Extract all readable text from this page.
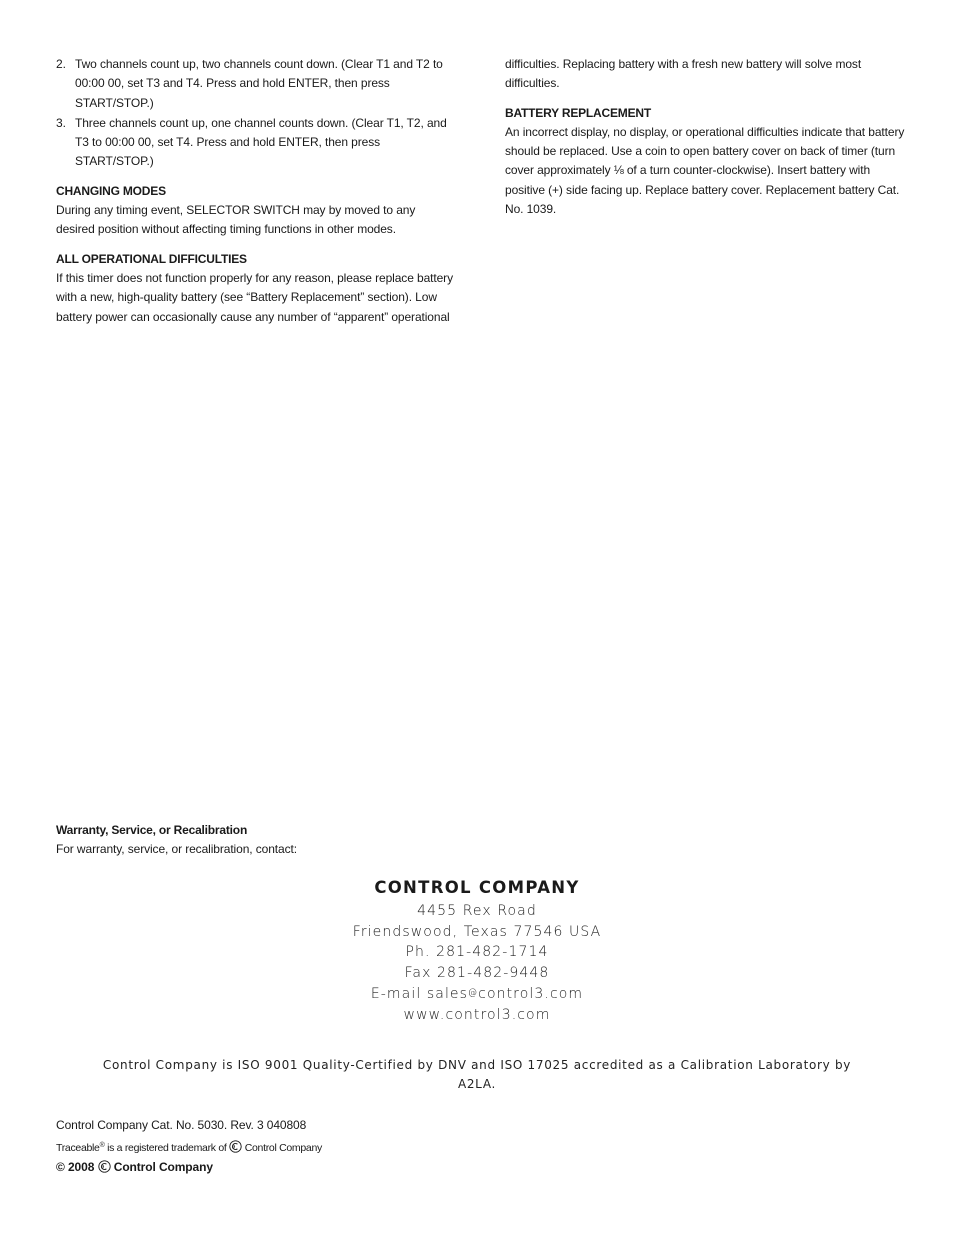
2. Two channels count up, two channels count down. (Clear T1 and T2 to 00:00 00, set T3 and T4. Press and hold ENTER, then press START/STOP.)
3. Three channels count up, one channel counts down. (Clear T1, T2, and T3 to 00:00 00, set T4. Press and hold ENTER, then press START/STOP.)
CHANGING MODES

During any timing event, SELECTOR SWITCH may by moved to any desired position without affecting timing functions in other modes.

ALL OPERATIONAL DIFFICULTIES

If this timer does not function properly for any reason, please replace battery with a new, high-quality battery (see “Battery Replacement” section). Low battery power can occasionally cause any number of “apparent” operational

difficulties. Replacing battery with a fresh new battery will solve most difficulties.

BATTERY REPLACEMENT

An incorrect display, no display, or operational difficulties indicate that battery should be replaced. Use a coin to open battery cover on back of timer (turn cover approximately ⅛ of a turn counter-clockwise). Insert battery with positive (+) side facing up. Replace battery cover. Replacement battery Cat. No. 1039.

Warranty, Service, or Recalibration

For warranty, service, or recalibration, contact:

CONTROL COMPANY
4455 Rex Road
Friendswood, Texas 77546 USA
Ph. 281-482-1714
Fax 281-482-9448
E-mail sales@control3.com
www.control3.com
Control Company is ISO 9001 Quality-Certified by DNV and ISO 17025 accredited as a Calibration Laboratory by A2LA.
Control Company Cat. No. 5030. Rev. 3 040808
Traceable® is a registered trademark of  Control Company
© 2008  Control Company
